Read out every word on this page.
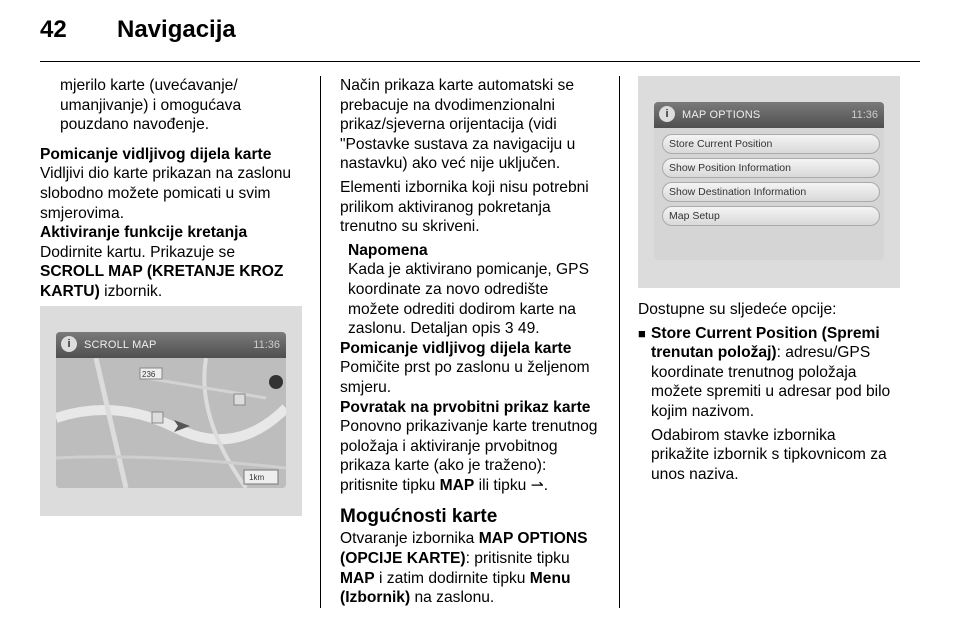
42 Navigacija

mjerilo karte (uvećavanje/

umanjivanje) i omogućava

pouzdano navođenje.

Pomicanje vidljivog dijela karte

Vidljivi dio karte prikazan na zaslonu

slobodno možete pomicati u svim

smjerovima.

Aktiviranje funkcije kretanja

Dodirnite kartu. Prikazuje se

SCROLL MAP (KRETANJE KROZ

KARTU) izbornik.

i	SCROLL MAP	11:36
236
1km

Način prikaza karte automatski se

prebacuje na dvodimenzionalni

prikaz/sjeverna orijentacija (vidi

"Postavke sustava za navigaciju u

nastavku) ako već nije uključen.

Elementi izbornika koji nisu potrebni

prilikom aktiviranog pokretanja

trenutno su skriveni.

Napomena

Kada je aktivirano pomicanje, GPS

koordinate za novo odredište

možete odrediti dodirom karte na

zaslonu. Detaljan opis 3 49.

Pomicanje vidljivog dijela karte

Pomičite prst po zaslonu u željenom

smjeru.

Povratak na prvobitni prikaz karte

Ponovno prikazivanje karte trenutnog

položaja i aktiviranje prvobitnog

prikaza karte (ako je traženo):

pritisnite tipku MAP ili tipku ⇀.

Mogućnosti karte

Otvaranje izbornika MAP OPTIONS

(OPCIJE KARTE): pritisnite tipku

MAP i zatim dodirnite tipku Menu

(Izbornik) na zaslonu.

i	MAP OPTIONS	11:36
Store Current Position
Show Position Information
Show Destination Information
Map Setup

Dostupne su sljedeće opcije:

■ Store Current Position (Spremi

trenutan položaj): adresu/GPS

koordinate trenutnog položaja

možete spremiti u adresar pod bilo

kojim nazivom.

Odabirom stavke izbornika

prikažite izbornik s tipkovnicom za

unos naziva.
